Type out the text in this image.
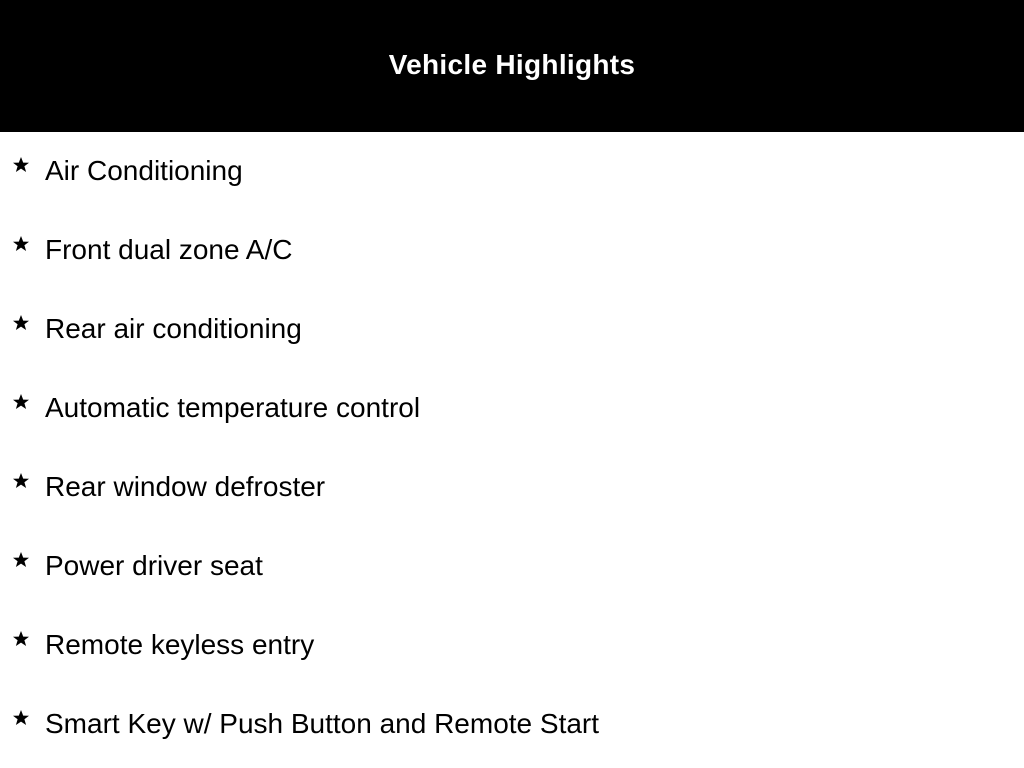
Vehicle Highlights
Air Conditioning
Front dual zone A/C
Rear air conditioning
Automatic temperature control
Rear window defroster
Power driver seat
Remote keyless entry
Smart Key w/ Push Button and Remote Start
